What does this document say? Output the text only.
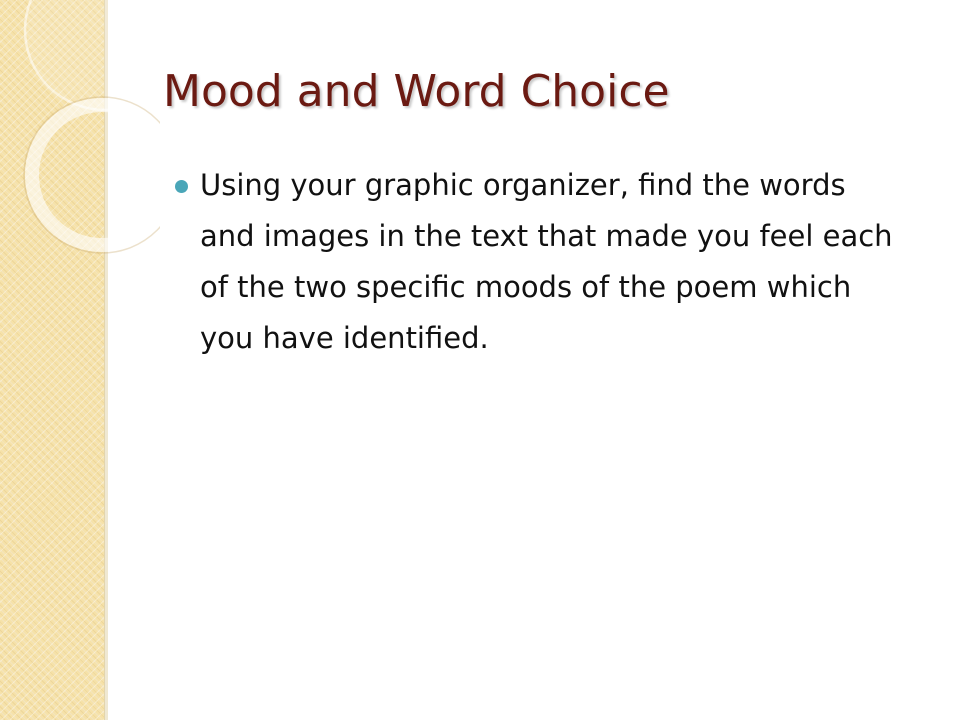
Mood and Word Choice
Using your graphic organizer, find the words and images in the text that made you feel each of the two specific moods of the poem which you have identified.
